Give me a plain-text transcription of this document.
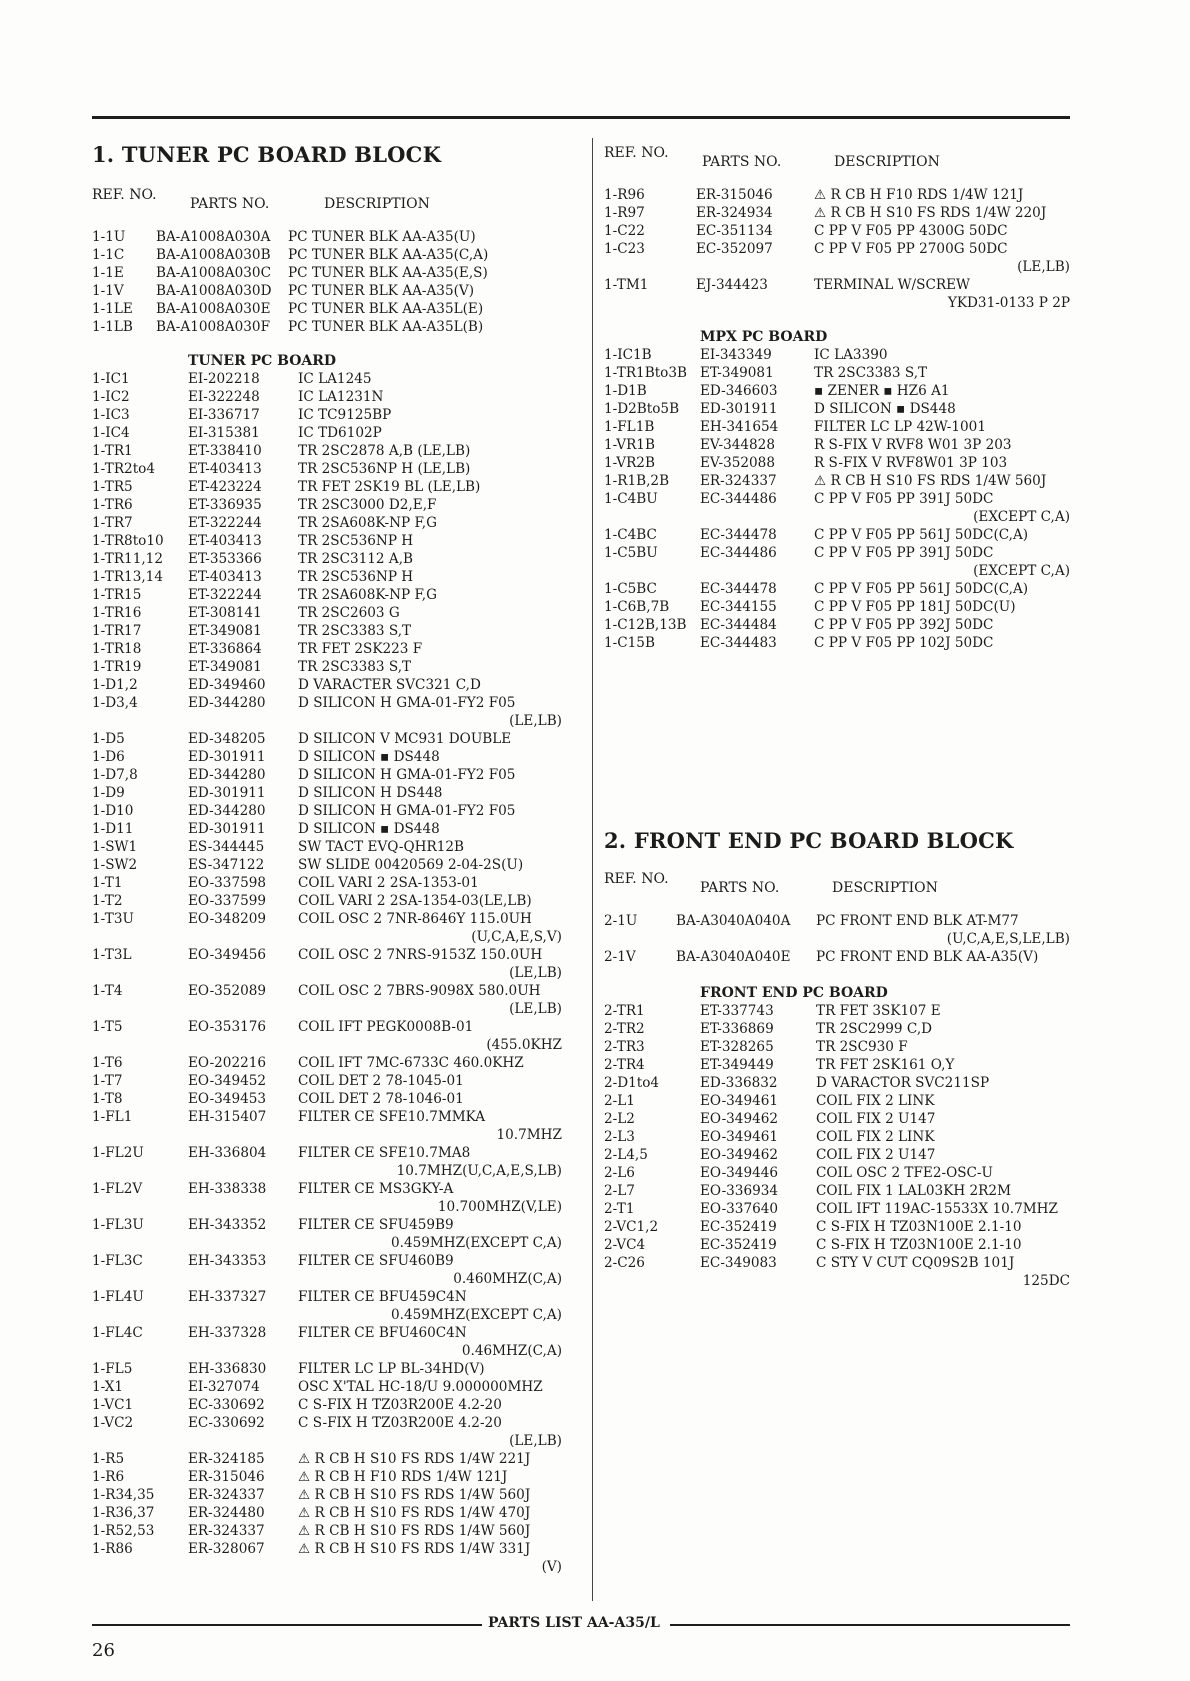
1. TUNER PC BOARD BLOCK
REF. NO.
PARTS NO.	DESCRIPTION
1-1U BA-A1008A030A PC TUNER BLK AA-A35(U)
1-1C BA-A1008A030B PC TUNER BLK AA-A35(C,A)
1-1E BA-A1008A030C PC TUNER BLK AA-A35(E,S)
1-1V BA-A1008A030D PC TUNER BLK AA-A35(V)
1-1LE BA-A1008A030E PC TUNER BLK AA-A35L(E)
1-1LB BA-A1008A030F PC TUNER BLK AA-A35L(B)
TUNER PC BOARD
1-IC1	EI-202218	IC LA1245
1-IC2	EI-322248	IC LA1231N
1-IC3	EI-336717	IC TC9125BP
1-IC4	EI-315381	IC TD6102P
1-TR1	ET-338410	TR 2SC2878 A,B (LE,LB)
1-TR2to4 ET-403413	TR 2SC536NP H (LE,LB)
1-TR5	ET-423224	TR FET 2SK19 BL (LE,LB)
1-TR6	ET-336935	TR 2SC3000 D2,E,F
1-TR7	ET-322244	TR 2SA608K-NP F,G
1-TR8to10 ET-403413	TR 2SC536NP H
1-TR11,12 ET-353366	TR 2SC3112 A,B
1-TR13,14 ET-403413	TR 2SC536NP H
1-TR15	ET-322244	TR 2SA608K-NP F,G
1-TR16	ET-308141	TR 2SC2603 G
1-TR17	ET-349081	TR 2SC3383 S,T
1-TR18	ET-336864	TR FET 2SK223 F
1-TR19	ET-349081	TR 2SC3383 S,T
1-D1,2	ED-349460 D VARACTER SVC321 C,D
1-D3,4	ED-344280 D SILICON H GMA-01-FY2 F05
(LE,LB)
1-D5	ED-348205 D SILICON V MC931 DOUBLE
1-D6	ED-301911 D SILICON ▪ DS448
1-D7,8	ED-344280 D SILICON H GMA-01-FY2 F05
1-D9	ED-301911 D SILICON H DS448
1-D10	ED-344280 D SILICON H GMA-01-FY2 F05
1-D11	ED-301911 D SILICON ▪ DS448
1-SW1	ES-344445 SW TACT EVQ-QHR12B
1-SW2	ES-347122 SW SLIDE 00420569 2-04-2S(U)
1-T1	EO-337598 COIL VARI 2 2SA-1353-01
1-T2	EO-337599 COIL VARI 2 2SA-1354-03(LE,LB)
1-T3U	EO-348209 COIL OSC 2 7NR-8646Y 115.0UH
(U,C,A,E,S,V)
1-T3L	EO-349456 COIL OSC 2 7NRS-9153Z 150.0UH
(LE,LB)
1-T4	EO-352089 COIL OSC 2 7BRS-9098X 580.0UH
(LE,LB)
1-T5	EO-353176 COIL IFT PEGK0008B-01
(455.0KHZ
1-T6	EO-202216 COIL IFT 7MC-6733C 460.0KHZ
1-T7	EO-349452 COIL DET 2 78-1045-01
1-T8	EO-349453 COIL DET 2 78-1046-01
1-FL1	EH-315407 FILTER CE SFE10.7MMKA
10.7MHZ
1-FL2U	EH-336804 FILTER CE SFE10.7MA8
10.7MHZ(U,C,A,E,S,LB)
1-FL2V	EH-338338 FILTER CE MS3GKY-A
10.700MHZ(V,LE)
1-FL3U	EH-343352 FILTER CE SFU459B9
0.459MHZ(EXCEPT C,A)
1-FL3C	EH-343353 FILTER CE SFU460B9
0.460MHZ(C,A)
1-FL4U	EH-337327 FILTER CE BFU459C4N
0.459MHZ(EXCEPT C,A)
1-FL4C	EH-337328 FILTER CE BFU460C4N
0.46MHZ(C,A)
1-FL5	EH-336830 FILTER LC LP BL-34HD(V)
1-X1	EI-327074	OSC X'TAL HC-18/U 9.000000MHZ
1-VC1	EC-330692 C S-FIX H TZ03R200E 4.2-20
1-VC2	EC-330692 C S-FIX H TZ03R200E 4.2-20
(LE,LB)
1-R5	ER-324185 ⚠ R CB H S10 FS RDS 1/4W 221J
1-R6	ER-315046 ⚠ R CB H F10 RDS 1/4W 121J
1-R34,35 ER-324337 ⚠ R CB H S10 FS RDS 1/4W 560J
1-R36,37 ER-324480 ⚠ R CB H S10 FS RDS 1/4W 470J
1-R52,53 ER-324337 ⚠ R CB H S10 FS RDS 1/4W 560J
1-R86	ER-328067 ⚠ R CB H S10 FS RDS 1/4W 331J
(V)
REF. NO.
PARTS NO.	DESCRIPTION
1-R96	ER-315046	⚠ R CB H F10 RDS 1/4W 121J
1-R97	ER-324934	⚠ R CB H S10 FS RDS 1/4W 220J
1-C22	EC-351134	C PP V F05 PP 4300G 50DC
1-C23	EC-352097	C PP V F05 PP 2700G 50DC
(LE,LB)
1-TM1	EJ-344423	TERMINAL W/SCREW
YKD31-0133 P 2P
MPX PC BOARD
1-IC1B	EI-343349	IC LA3390
1-TR1Bto3B ET-349081	TR 2SC3383 S,T
1-D1B	ED-346603	▪ ZENER ▪ HZ6 A1
1-D2Bto5B ED-301911	D SILICON ▪ DS448
1-FL1B	EH-341654	FILTER LC LP 42W-1001
1-VR1B	EV-344828	R S-FIX V RVF8 W01 3P 203
1-VR2B	EV-352088	R S-FIX V RVF8W01 3P 103
1-R1B,2B ER-324337	⚠ R CB H S10 FS RDS 1/4W 560J
1-C4BU	EC-344486	C PP V F05 PP 391J 50DC
(EXCEPT C,A)
1-C4BC	EC-344478	C PP V F05 PP 561J 50DC(C,A)
1-C5BU	EC-344486	C PP V F05 PP 391J 50DC
(EXCEPT C,A)
1-C5BC	EC-344478	C PP V F05 PP 561J 50DC(C,A)
1-C6B,7B EC-344155	C PP V F05 PP 181J 50DC(U)
1-C12B,13B EC-344484	C PP V F05 PP 392J 50DC
1-C15B	EC-344483	C PP V F05 PP 102J 50DC
2. FRONT END PC BOARD BLOCK
REF. NO.
PARTS NO.	DESCRIPTION
2-1U	BA-A3040A040A PC FRONT END BLK AT-M77
(U,C,A,E,S,LE,LB)
2-1V	BA-A3040A040E PC FRONT END BLK AA-A35(V)
FRONT END PC BOARD
2-TR1	ET-337743	TR FET 3SK107 E
2-TR2	ET-336869	TR 2SC2999 C,D
2-TR3	ET-328265	TR 2SC930 F
2-TR4	ET-349449	TR FET 2SK161 O,Y
2-D1to4	ED-336832	D VARACTOR SVC211SP
2-L1	EO-349461	COIL FIX 2 LINK
2-L2	EO-349462	COIL FIX 2 U147
2-L3	EO-349461	COIL FIX 2 LINK
2-L4,5	EO-349462	COIL FIX 2 U147
2-L6	EO-349446	COIL OSC 2 TFE2-OSC-U
2-L7	EO-336934	COIL FIX 1 LAL03KH 2R2M
2-T1	EO-337640	COIL IFT 119AC-15533X 10.7MHZ
2-VC1,2	EC-352419	C S-FIX H TZ03N100E 2.1-10
2-VC4	EC-352419	C S-FIX H TZ03N100E 2.1-10
2-C26	EC-349083	C STY V CUT CQ09S2B 101J
125DC
PARTS LIST AA-A35/L
26
